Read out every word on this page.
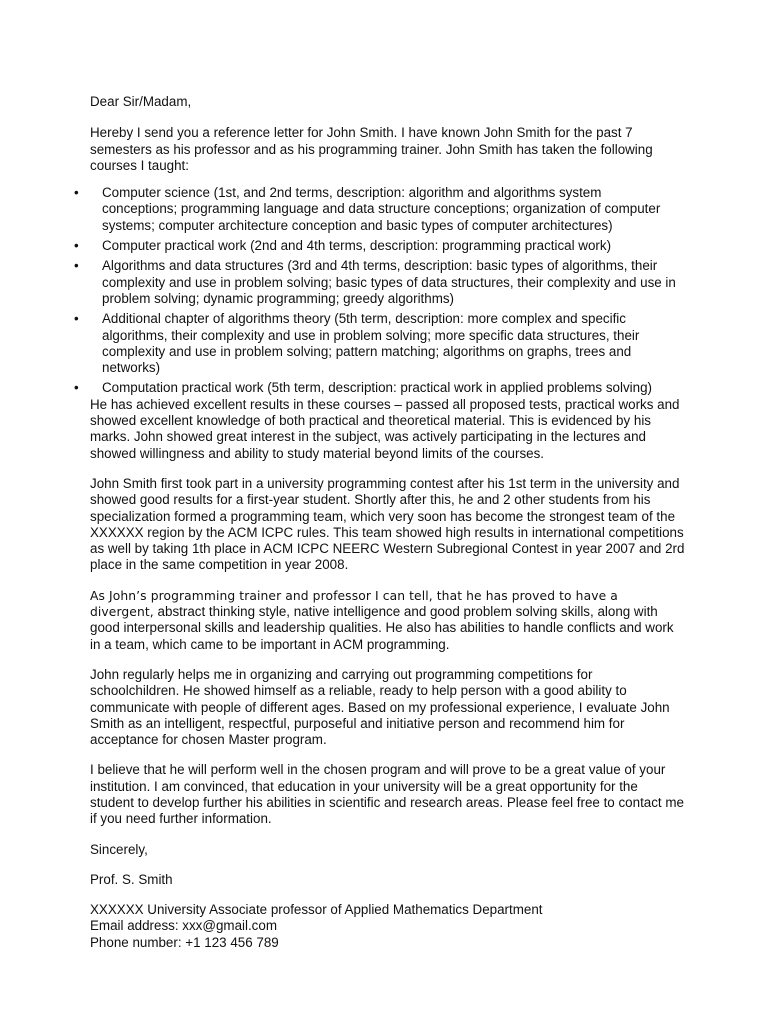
Dear Sir/Madam,

Hereby I send you a reference letter for John Smith. I have known John Smith for the past 7 semesters as his professor and as his programming trainer. John Smith has taken the following courses I taught:

• Computer science (1st, and 2nd terms, description: algorithm and algorithms system conceptions; programming language and data structure conceptions; organization of computer systems; computer architecture conception and basic types of computer architectures)
• Computer practical work (2nd and 4th terms, description: programming practical work)
• Algorithms and data structures (3rd and 4th terms, description: basic types of algorithms, their complexity and use in problem solving; basic types of data structures, their complexity and use in problem solving; dynamic programming; greedy algorithms)
• Additional chapter of algorithms theory (5th term, description: more complex and specific algorithms, their complexity and use in problem solving; more specific data structures, their complexity and use in problem solving; pattern matching; algorithms on graphs, trees and networks)
• Computation practical work (5th term, description: practical work in applied problems solving)

He has achieved excellent results in these courses – passed all proposed tests, practical works and showed excellent knowledge of both practical and theoretical material. This is evidenced by his marks. John showed great interest in the subject, was actively participating in the lectures and showed willingness and ability to study material beyond limits of the courses.

John Smith first took part in a university programming contest after his 1st term in the university and showed good results for a first-year student. Shortly after this, he and 2 other students from his specialization formed a programming team, which very soon has become the strongest team of the XXXXXX region by the ACM ICPC rules. This team showed high results in international competitions as well by taking 1th place in ACM ICPC NEERC Western Subregional Contest in year 2007 and 2rd place in the same competition in year 2008.

As John’s programming trainer and professor I can tell, that he has proved to have a divergent, abstract thinking style, native intelligence and good problem solving skills, along with good interpersonal skills and leadership qualities. He also has abilities to handle conflicts and work in a team, which came to be important in ACM programming.

John regularly helps me in organizing and carrying out programming competitions for schoolchildren. He showed himself as a reliable, ready to help person with a good ability to communicate with people of different ages. Based on my professional experience, I evaluate John Smith as an intelligent, respectful, purposeful and initiative person and recommend him for acceptance for chosen Master program.

I believe that he will perform well in the chosen program and will prove to be a great value of your institution. I am convinced, that education in your university will be a great opportunity for the student to develop further his abilities in scientific and research areas. Please feel free to contact me if you need further information.

Sincerely,

Prof. S. Smith

XXXXXX University Associate professor of Applied Mathematics Department
Email address: xxx@gmail.com
Phone number: +1 123 456 789
